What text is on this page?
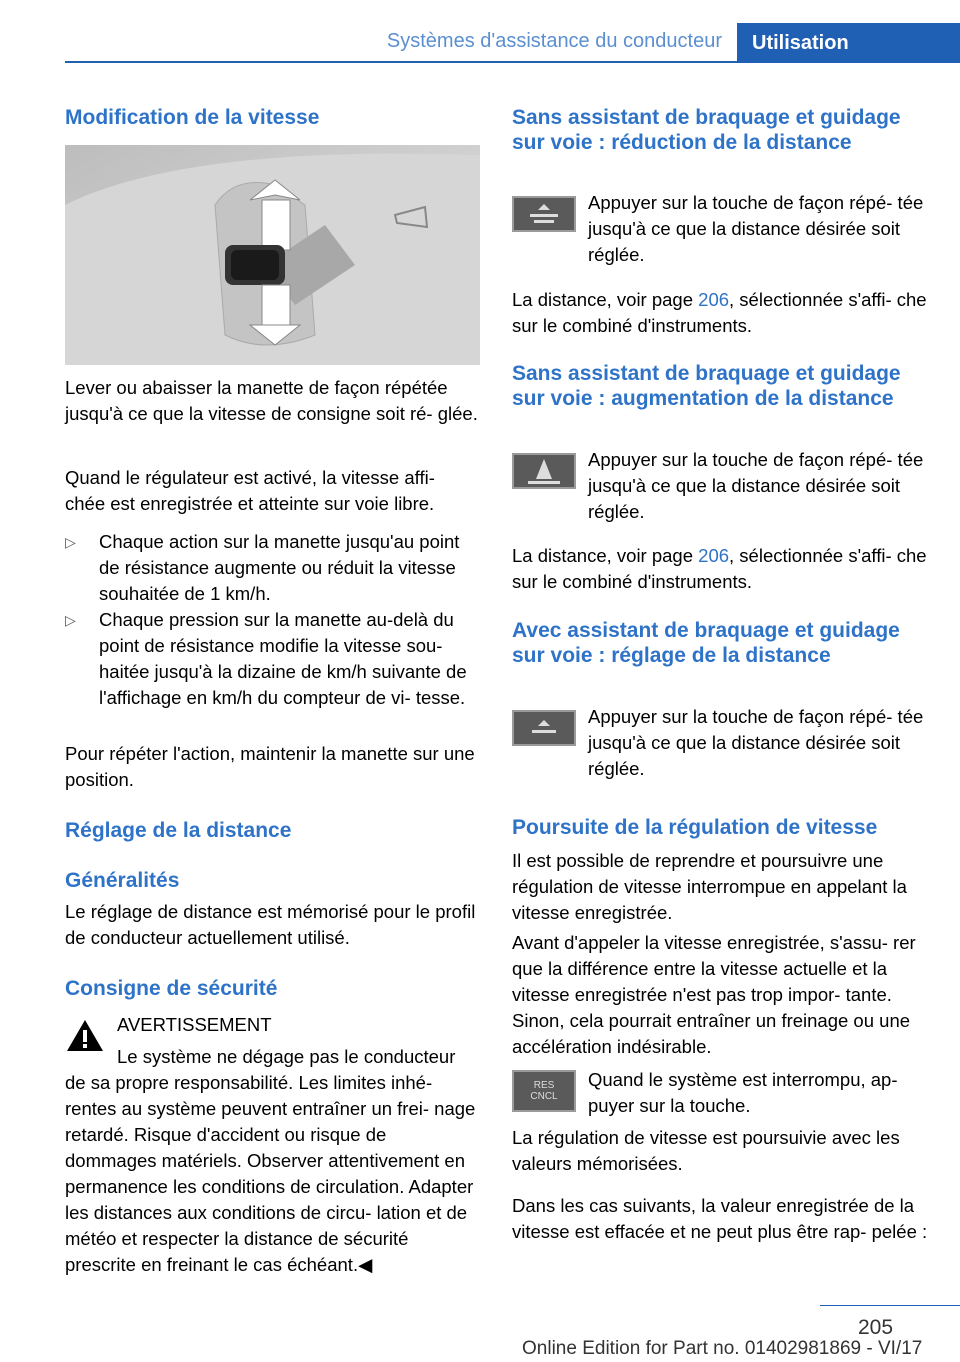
Systèmes d'assistance du conducteur	Utilisation
Modification de la vitesse

Lever ou abaisser la manette de façon répétée jusqu'à ce que la vitesse de consigne soit ré‐ glée.

Quand le régulateur est activé, la vitesse affi‐ chée est enregistrée et atteinte sur voie libre.

▷ Chaque action sur la manette jusqu'au point de résistance augmente ou réduit la vitesse souhaitée de 1 km/h.
▷ Chaque pression sur la manette au-delà du point de résistance modifie la vitesse sou‐ haitée jusqu'à la dizaine de km/h suivante de l'affichage en km/h du compteur de vi‐ tesse.

Pour répéter l'action, maintenir la manette sur une position.

Réglage de la distance
Généralités

Le réglage de distance est mémorisé pour le profil de conducteur actuellement utilisé.

Consigne de sécurité
AVERTISSEMENT
Le système ne dégage pas le conducteur de sa propre responsabilité. Les limites inhé‐ rentes au système peuvent entraîner un frei‐ nage retardé. Risque d'accident ou risque de dommages matériels. Observer attentivement en permanence les conditions de circulation. Adapter les distances aux conditions de circu‐ lation et de météo et respecter la distance de sécurité prescrite en freinant le cas échéant.◀
Sans assistant de braquage et guidage sur voie : réduction de la distance
Appuyer sur la touche de façon répé‐ tée jusqu'à ce que la distance désirée soit réglée.

La distance, voir page 206, sélectionnée s'affi‐ che sur le combiné d'instruments.

Sans assistant de braquage et guidage sur voie : augmentation de la distance
Appuyer sur la touche de façon répé‐ tée jusqu'à ce que la distance désirée soit réglée.

La distance, voir page 206, sélectionnée s'affi‐ che sur le combiné d'instruments.

Avec assistant de braquage et guidage sur voie : réglage de la distance
Appuyer sur la touche de façon répé‐ tée jusqu'à ce que la distance désirée soit réglée.
Poursuite de la régulation de vitesse

Il est possible de reprendre et poursuivre une régulation de vitesse interrompue en appelant la vitesse enregistrée.

Avant d'appeler la vitesse enregistrée, s'assu‐ rer que la différence entre la vitesse actuelle et la vitesse enregistrée n'est pas trop impor‐ tante. Sinon, cela pourrait entraîner un freinage ou une accélération indésirable.

RES
CNCL
Quand le système est interrompu, ap‐ puyer sur la touche.

La régulation de vitesse est poursuivie avec les valeurs mémorisées.

Dans les cas suivants, la valeur enregistrée de la vitesse est effacée et ne peut plus être rap‐ pelée :

205
Online Edition for Part no. 01402981869 - VI/17
